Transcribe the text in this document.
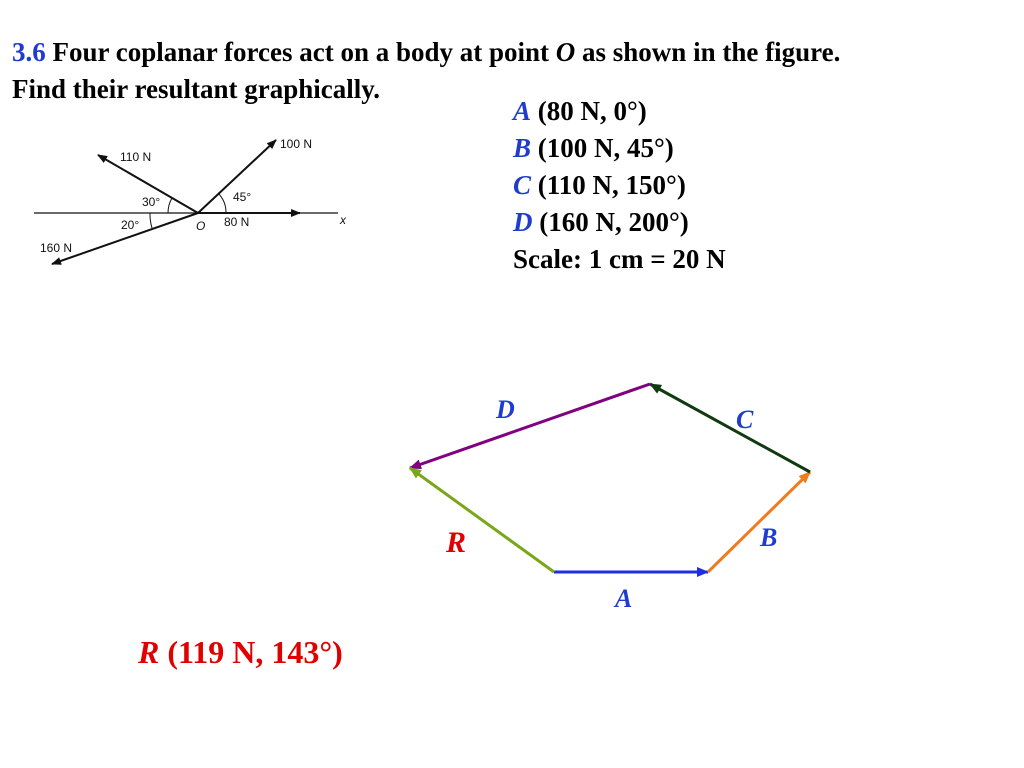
3.6 Four coplanar forces act on a body at point O as shown in the figure.
Find their resultant graphically.
A (80 N, 0°)
B (100 N, 45°)
C (110 N, 150°)
D (160 N, 200°)
Scale: 1 cm = 20 N
110 N
100 N
80 N
160 N
30°	45°
20°	O	x
A
B
C
D
R
R (119 N, 143°)
